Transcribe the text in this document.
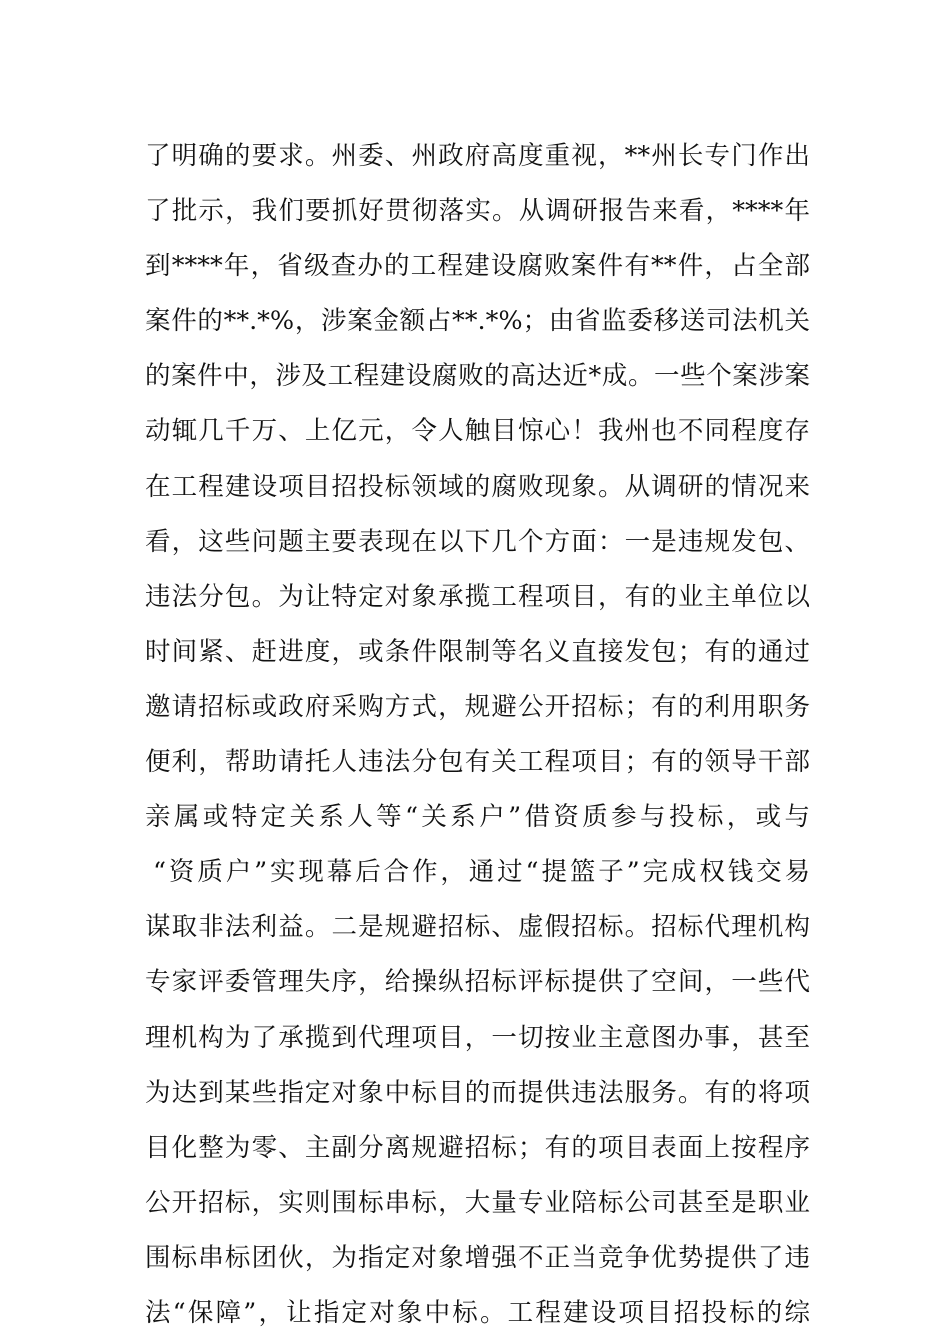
了明确的要求。州委、州政府高度重视，**州长专门作出
了批示，我们要抓好贯彻落实。从调研报告来看，****年
到****年，省级查办的工程建设腐败案件有**件，占全部
案件的**.*%，涉案金额占**.*%；由省监委移送司法机关
的案件中，涉及工程建设腐败的高达近*成。一些个案涉案
动辄几千万、上亿元，令人触目惊心！我州也不同程度存
在工程建设项目招投标领域的腐败现象。从调研的情况来
看，这些问题主要表现在以下几个方面：一是违规发包、
违法分包。为让特定对象承揽工程项目，有的业主单位以
时间紧、赶进度，或条件限制等名义直接发包；有的通过
邀请招标或政府采购方式，规避公开招标；有的利用职务
便利，帮助请托人违法分包有关工程项目；有的领导干部
亲属或特定关系人等“关系户”借资质参与投标，或与
“资质户”实现幕后合作，通过“提篮子”完成权钱交易
谋取非法利益。二是规避招标、虚假招标。招标代理机构
专家评委管理失序，给操纵招标评标提供了空间，一些代
理机构为了承揽到代理项目，一切按业主意图办事，甚至
为达到某些指定对象中标目的而提供违法服务。有的将项
目化整为零、主副分离规避招标；有的项目表面上按程序
公开招标，实则围标串标，大量专业陪标公司甚至是职业
围标串标团伙，为指定对象增强不正当竞争优势提供了违
法“保障”，让指定对象中标。工程建设项目招投标的综
